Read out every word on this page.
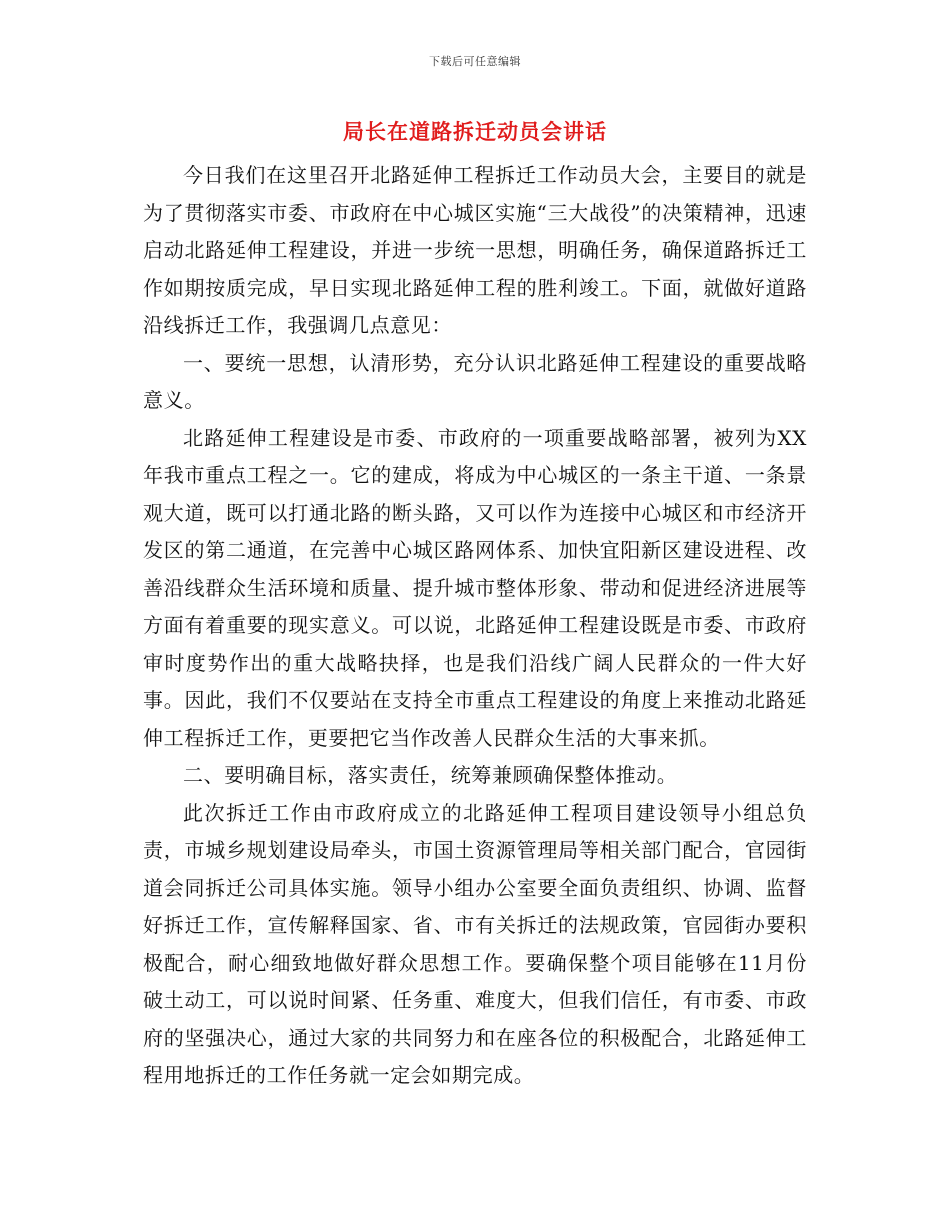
下载后可任意编辑
局长在道路拆迁动员会讲话

今日我们在这里召开北路延伸工程拆迁工作动员大会，主要目的就是为了贯彻落实市委、市政府在中心城区实施“三大战役”的决策精神，迅速启动北路延伸工程建设，并进一步统一思想，明确任务，确保道路拆迁工作如期按质完成，早日实现北路延伸工程的胜利竣工。下面，就做好道路沿线拆迁工作，我强调几点意见：

一、要统一思想，认清形势，充分认识北路延伸工程建设的重要战略意义。

北路延伸工程建设是市委、市政府的一项重要战略部署，被列为XX年我市重点工程之一。它的建成，将成为中心城区的一条主干道、一条景观大道，既可以打通北路的断头路，又可以作为连接中心城区和市经济开发区的第二通道，在完善中心城区路网体系、加快宜阳新区建设进程、改善沿线群众生活环境和质量、提升城市整体形象、带动和促进经济进展等方面有着重要的现实意义。可以说，北路延伸工程建设既是市委、市政府审时度势作出的重大战略抉择，也是我们沿线广阔人民群众的一件大好事。因此，我们不仅要站在支持全市重点工程建设的角度上来推动北路延伸工程拆迁工作，更要把它当作改善人民群众生活的大事来抓。

二、要明确目标，落实责任，统筹兼顾确保整体推动。

此次拆迁工作由市政府成立的北路延伸工程项目建设领导小组总负责，市城乡规划建设局牵头，市国土资源管理局等相关部门配合，官园街道会同拆迁公司具体实施。领导小组办公室要全面负责组织、协调、监督好拆迁工作，宣传解释国家、省、市有关拆迁的法规政策，官园街办要积极配合，耐心细致地做好群众思想工作。要确保整个项目能够在11月份破土动工，可以说时间紧、任务重、难度大，但我们信任，有市委、市政府的坚强决心，通过大家的共同努力和在座各位的积极配合，北路延伸工程用地拆迁的工作任务就一定会如期完成。
